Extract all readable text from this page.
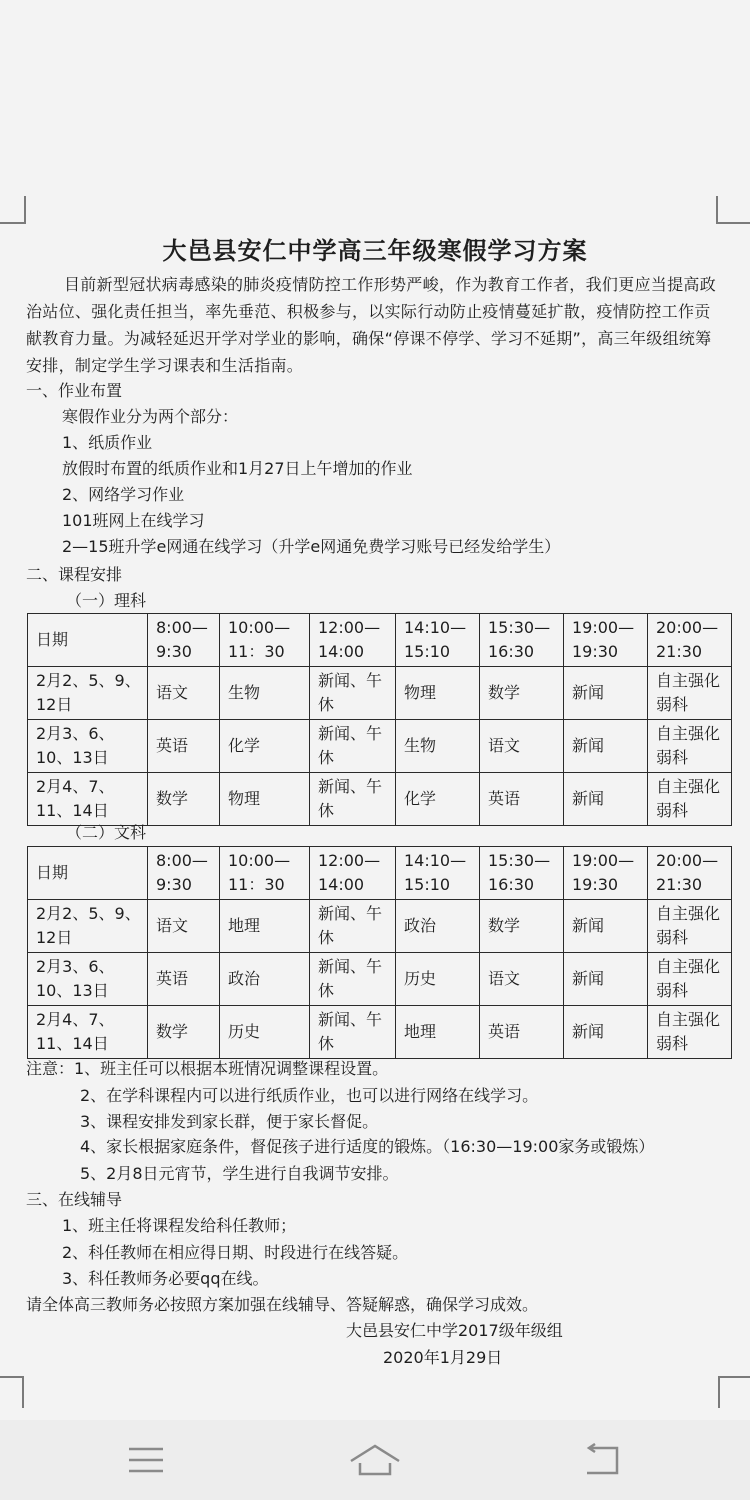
大邑县安仁中学高三年级寒假学习方案
目前新型冠状病毒感染的肺炎疫情防控工作形势严峻，作为教育工作者，我们更应当提高政治站位、强化责任担当，率先垂范、积极参与，以实际行动防止疫情蔓延扩散，疫情防控工作贡献教育力量。为减轻延迟开学对学业的影响，确保“停课不停学、学习不延期”，高三年级组统筹安排，制定学生学习课表和生活指南。
一、作业布置
寒假作业分为两个部分：
1、纸质作业
放假时布置的纸质作业和1月27日上午增加的作业
2、网络学习作业
101班网上在线学习
2—15班升学e网通在线学习（升学e网通免费学习账号已经发给学生）
二、课程安排
（一）理科
日期	8:00—9:30	10:00—11：30	12:00—14:00	14:10—15:10	15:30—16:30	19:00—19:30	20:00—21:30
2月2、5、9、12日	语文	生物	新闻、午休	物理	数学	新闻	自主强化弱科
2月3、6、10、13日	英语	化学	新闻、午休	生物	语文	新闻	自主强化弱科
2月4、7、11、14日	数学	物理	新闻、午休	化学	英语	新闻	自主强化弱科
（二）文科
日期	8:00—9:30	10:00—11：30	12:00—14:00	14:10—15:10	15:30—16:30	19:00—19:30	20:00—21:30
2月2、5、9、12日	语文	地理	新闻、午休	政治	数学	新闻	自主强化弱科
2月3、6、10、13日	英语	政治	新闻、午休	历史	语文	新闻	自主强化弱科
2月4、7、11、14日	数学	历史	新闻、午休	地理	英语	新闻	自主强化弱科
注意：1、班主任可以根据本班情况调整课程设置。
2、在学科课程内可以进行纸质作业，也可以进行网络在线学习。
3、课程安排发到家长群，便于家长督促。
4、家长根据家庭条件，督促孩子进行适度的锻炼。（16:30—19:00家务或锻炼）
5、2月8日元宵节，学生进行自我调节安排。
三、在线辅导
1、班主任将课程发给科任教师；
2、科任教师在相应得日期、时段进行在线答疑。
3、科任教师务必要qq在线。
请全体高三教师务必按照方案加强在线辅导、答疑解惑，确保学习成效。
大邑县安仁中学2017级年级组
2020年1月29日
